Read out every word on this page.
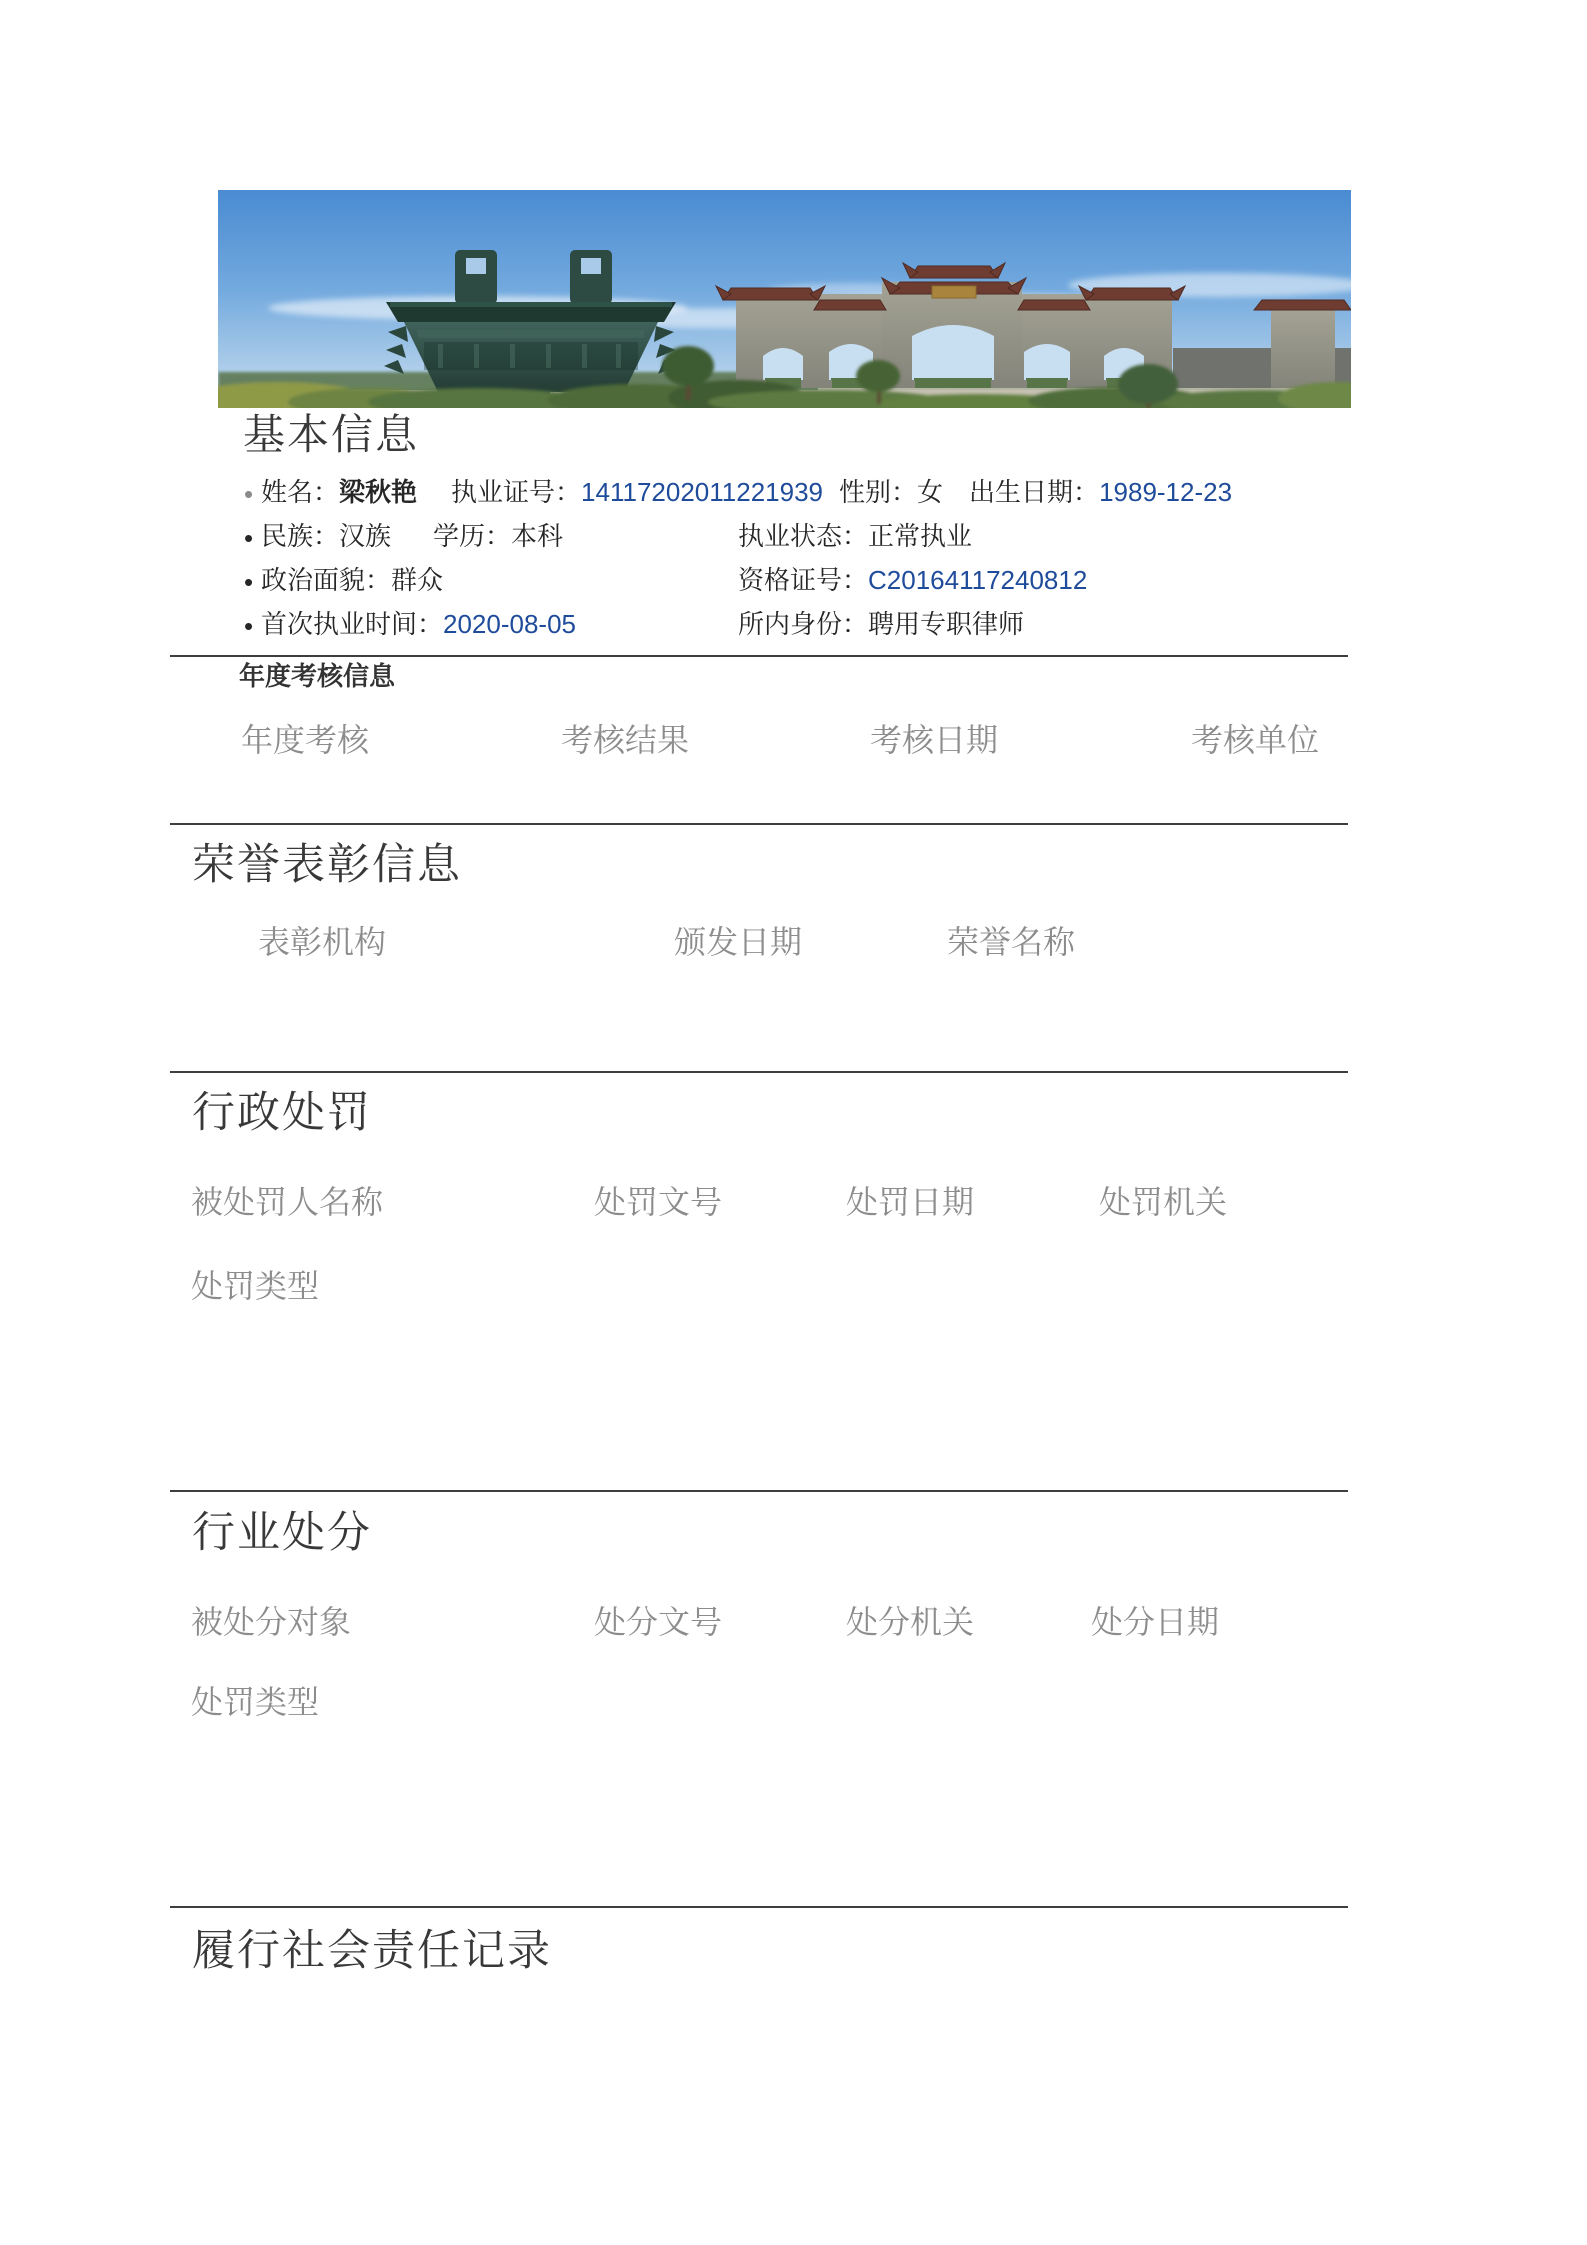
基本信息
• 姓名：梁秋艳 执业证号：14117202011221939 性别：女 出生日期：1989-12-23
• 民族：汉族 学历：本科	执业状态：正常执业
• 政治面貌：群众	资格证号：C20164117240812
• 首次执业时间：2020-08-05	所内身份：聘用专职律师
年度考核信息
年度考核	考核结果	考核日期	考核单位
荣誉表彰信息
表彰机构	颁发日期	荣誉名称
行政处罚
被处罚人名称	处罚文号	处罚日期	处罚机关
处罚类型
行业处分
被处分对象	处分文号	处分机关	处分日期
处罚类型
履行社会责任记录
